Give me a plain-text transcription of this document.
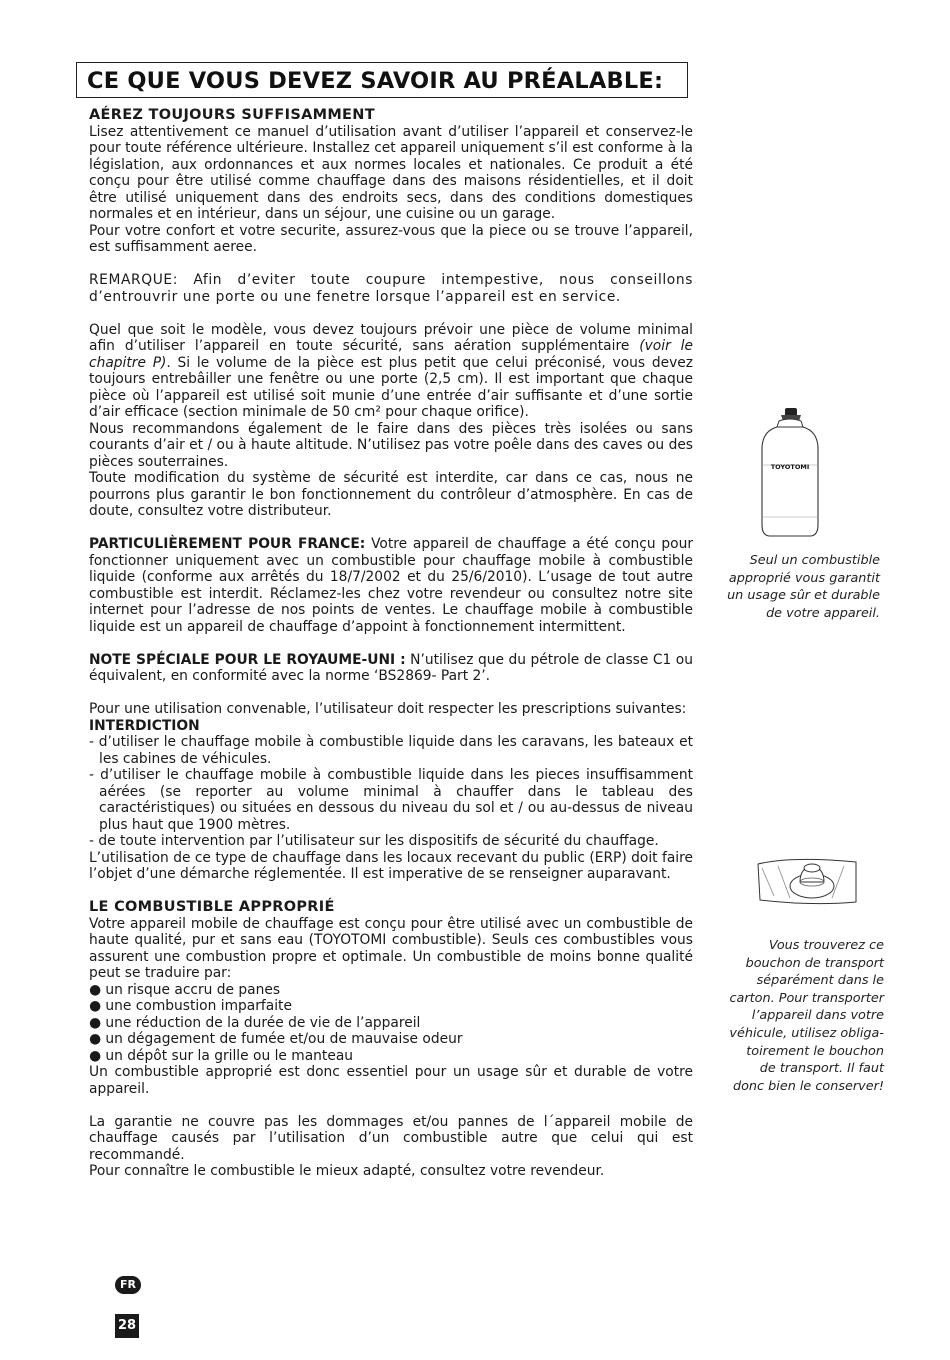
CE QUE VOUS DEVEZ SAVOIR AU PRÉALABLE:

AÉREZ TOUJOURS SUFFISAMMENT

Lisez attentivement ce manuel d’utilisation avant d’utiliser l’appareil et conservez-le pour toute référence ultérieure. Installez cet appareil uniquement s’il est conforme à la législation, aux ordonnances et aux normes locales et nationales. Ce produit a été conçu pour être utilisé comme chauffage dans des maisons résidentielles, et il doit être utilisé uniquement dans des endroits secs, dans des conditions domestiques normales et en intérieur, dans un séjour, une cuisine ou un garage.

Pour votre confort et votre securite, assurez-vous que la piece ou se trouve l’appareil, est suffisamment aeree.

REMARQUE: Afin d’eviter toute coupure intempestive, nous conseillons d’entrouvrir une porte ou une fenetre lorsque l’appareil est en service.

Quel que soit le modèle, vous devez toujours prévoir une pièce de volume minimal afin d’utiliser l’appareil en toute sécurité, sans aération supplémentaire (voir le chapitre P). Si le volume de la pièce est plus petit que celui préconisé, vous devez toujours entrebâiller une fenêtre ou une porte (2,5 cm). Il est important que chaque pièce où l’appareil est utilisé soit munie d’une entrée d’air suffisante et d’une sortie d’air efficace (section minimale de 50 cm² pour chaque orifice).

Nous recommandons également de le faire dans des pièces très isolées ou sans courants d’air et / ou à haute altitude. N’utilisez pas votre poêle dans des caves ou des pièces souterraines.

Toute modification du système de sécurité est interdite, car dans ce cas, nous ne pourrons plus garantir le bon fonctionnement du contrôleur d’atmosphère. En cas de doute, consultez votre distributeur.

PARTICULIÈREMENT POUR FRANCE: Votre appareil de chauffage a été conçu pour fonctionner uniquement avec un combustible pour chauffage mobile à combustible liquide (conforme aux arrêtés du 18/7/2002 et du 25/6/2010). L’usage de tout autre combustible est interdit. Réclamez-les chez votre revendeur ou consultez notre site internet pour l’adresse de nos points de ventes. Le chauffage mobile à combustible liquide est un appareil de chauffage d’appoint à fonctionnement intermittent.

NOTE SPÉCIALE POUR LE ROYAUME-UNI : N’utilisez que du pétrole de classe C1 ou équivalent, en conformité avec la norme ‘BS2869- Part 2’.

Pour une utilisation convenable, l’utilisateur doit respecter les prescriptions suivantes:

INTERDICTION

- d’utiliser le chauffage mobile à combustible liquide dans les caravans, les bateaux et les cabines de véhicules.

- d’utiliser le chauffage mobile à combustible liquide dans les pieces insuffisamment aérées (se reporter au volume minimal à chauffer dans le tableau des caractéristiques) ou situées en dessous du niveau du sol et / ou au-dessus de niveau plus haut que 1900 mètres.

- de toute intervention par l’utilisateur sur les dispositifs de sécurité du chauffage.

L’utilisation de ce type de chauffage dans les locaux recevant du public (ERP) doit faire l’objet d’une démarche réglementée. Il est imperative de se renseigner auparavant.

LE COMBUSTIBLE APPROPRIÉ

Votre appareil mobile de chauffage est conçu pour être utilisé avec un combustible de haute qualité, pur et sans eau (TOYOTOMI combustible). Seuls ces combustibles vous assurent une combustion propre et optimale. Un combustible de moins bonne qualité peut se traduire par:

● un risque accru de panes

● une combustion imparfaite

● une réduction de la durée de vie de l’appareil

● un dégagement de fumée et/ou de mauvaise odeur

● un dépôt sur la grille ou le manteau

Un combustible approprié est donc essentiel pour un usage sûr et durable de votre appareil.

La garantie ne couvre pas les dommages et/ou pannes de l´appareil mobile de chauffage causés par l’utilisation d’un combustible autre que celui qui est recommandé.

Pour connaître le combustible le mieux adapté, consultez votre revendeur.

TOYOTOMI
Seul un combustible
approprié vous garantit
un usage sûr et durable
de votre appareil.
Vous trouverez ce
bouchon de transport
séparément dans le
carton. Pour transporter
l’appareil dans votre
véhicule, utilisez obliga-
toirement le bouchon
de transport. Il faut
donc bien le conserver!
FR
28
